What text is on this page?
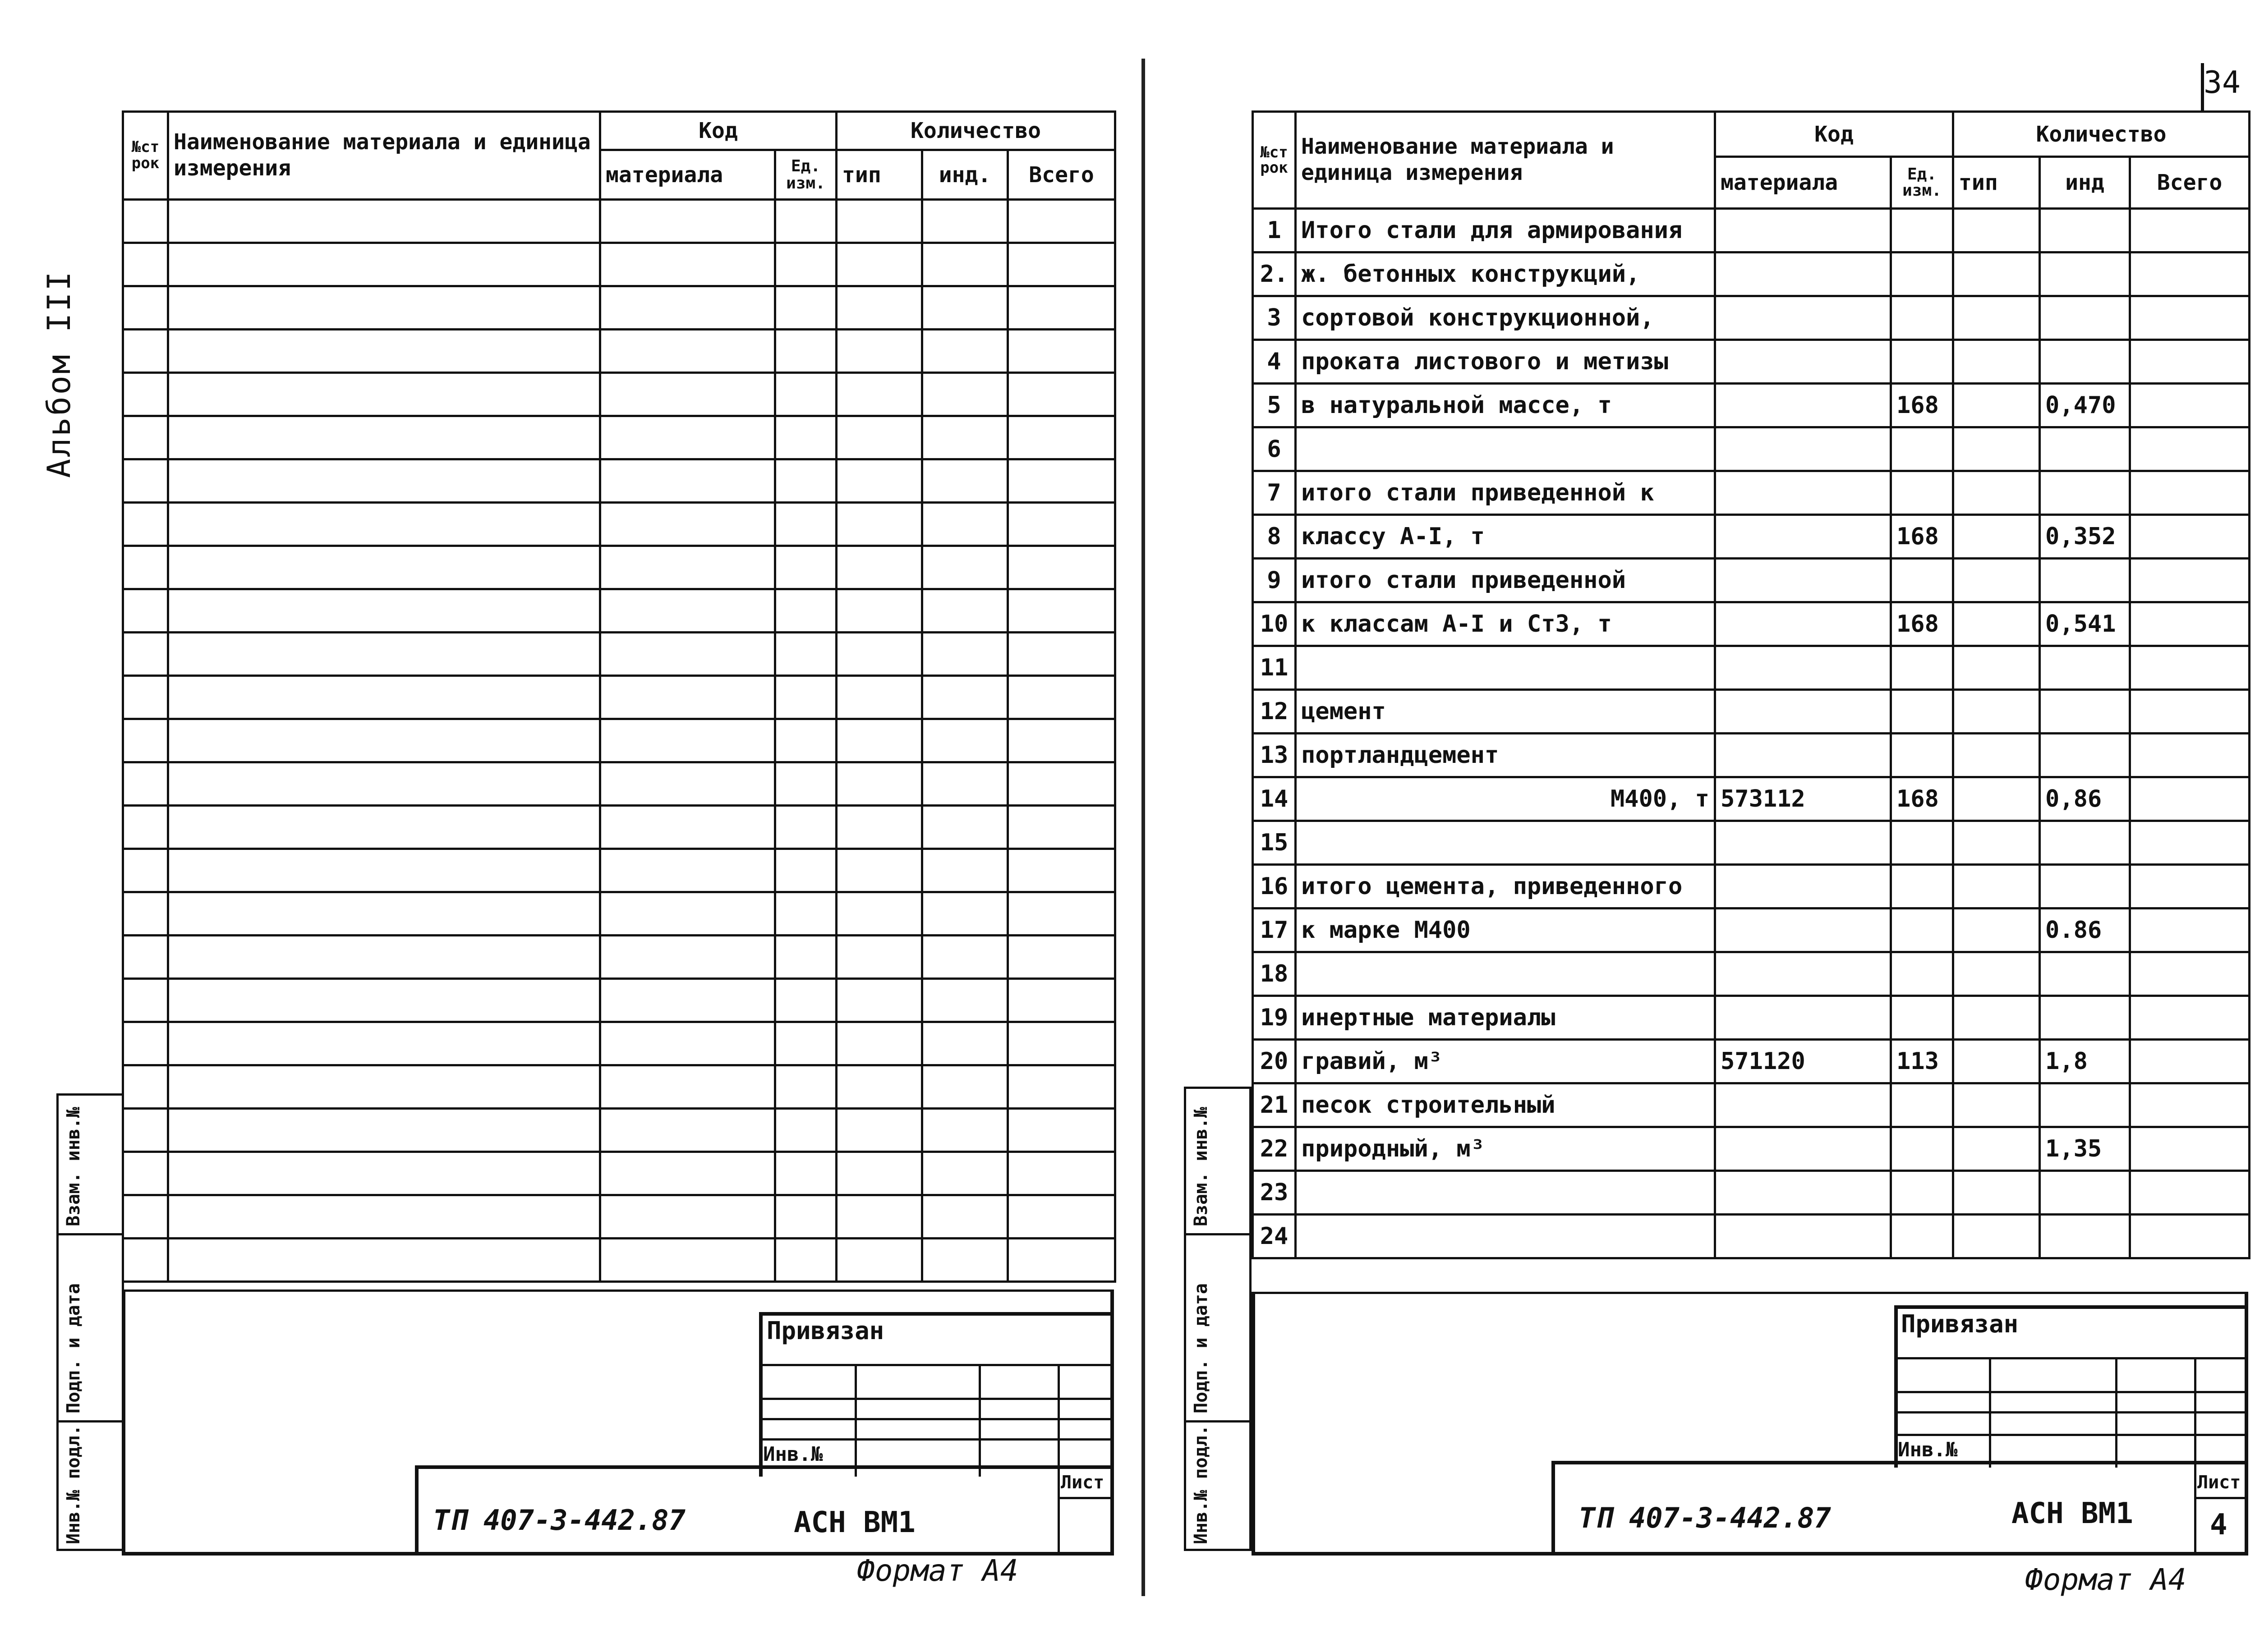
34
Альбом III
№строк	Наименование материала и единица измерения	Код		Количество		
		материала	Ед. изм.	тип	инд.	Всего

Взам. инв.№
Подп. и дата
Инв.№ подл.
Привязан
Инв.№
Лист
ТП 407-3-442.87	АСН ВМ1
Формат А4
№строк	Наименование материала и единица измерения	Код		Количество		
		материала	Ед. изм.	тип	инд	Всего
1	Итого стали для армирования					
2.	ж. бетонных конструкций,					
3	сортовой конструкционной,					
4	проката листового и метизы					
5	в натуральной массе, т		168		0,470	
6						
7	итого стали приведенной к					
8	классу А-I, т		168		0,352	
9	итого стали приведенной					
10	к классам А-I и Ст3, т		168		0,541	
11						
12	цемент					
13	портландцемент					
14	М400, т	573112	168		0,86	
15						
16	итого цемента, приведенного					
17	к марке М400				0.86	
18						
19	инертные материалы					
20	гравий, м³	571120	113		1,8	
21	песок строительный					
22	природный, м³				1,35	
23						
24						
Взам. инв.№
Подп. и дата
Инв.№ подл.
Привязан
Инв.№
Лист
4
ТП 407-3-442.87	АСН ВМ1
Формат А4
